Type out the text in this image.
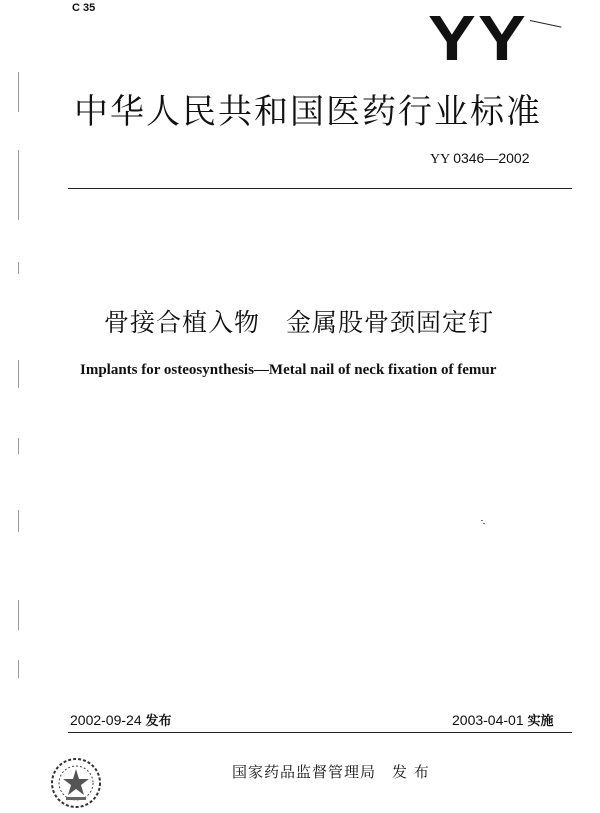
C 35	YY
中华人民共和国医药行业标准
YY 0346—2002
骨接合植入物　金属股骨颈固定钉
Implants for osteosynthesis—Metal nail of neck fixation of femur
2002-09-24 发布	2003-04-01 实施
国家药品监督管理局 发 布
